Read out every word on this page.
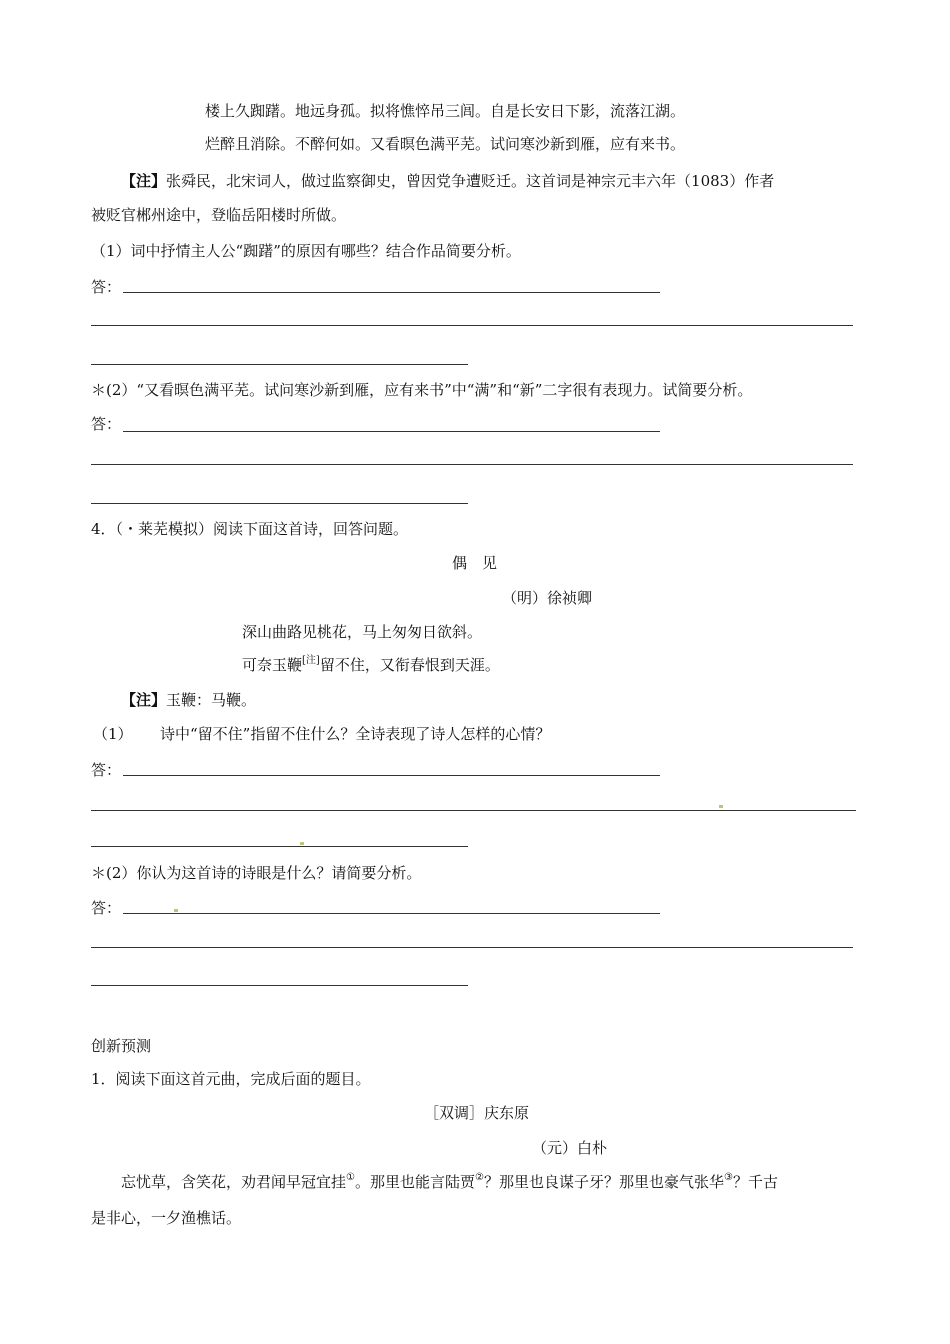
楼上久踟躇。地远身孤。拟将憔悴吊三闾。自是长安日下影，流落江湖。
烂醉且消除。不醉何如。又看暝色满平芜。试问寒沙新到雁，应有来书。
【注】张舜民，北宋词人，做过监察御史，曾因党争遭贬迁。这首词是神宗元丰六年（1083）作者
被贬官郴州途中，登临岳阳楼时所做。
（1）词中抒情主人公“踟躇”的原因有哪些？结合作品简要分析。
答：
＊(2）“又看暝色满平芜。试问寒沙新到雁，应有来书”中“满”和“新”二字很有表现力。试简要分析。
答：
4．（・莱芜模拟）阅读下面这首诗，回答问题。
偶　见
（明）徐祯卿
深山曲路见桃花，马上匆匆日欲斜。
可奈玉鞭[注]留不住，又衔春恨到天涯。
【注】玉鞭：马鞭。
（1） 诗中“留不住”指留不住什么？全诗表现了诗人怎样的心情？
答：
＊(2）你认为这首诗的诗眼是什么？请简要分析。
答：
创新预测
1．阅读下面这首元曲，完成后面的题目。
［双调］庆东原
（元）白朴
忘忧草，含笑花，劝君闻早冠宜挂①。那里也能言陆贾②？那里也良谋子牙？那里也豪气张华③？千古
是非心，一夕渔樵话。
